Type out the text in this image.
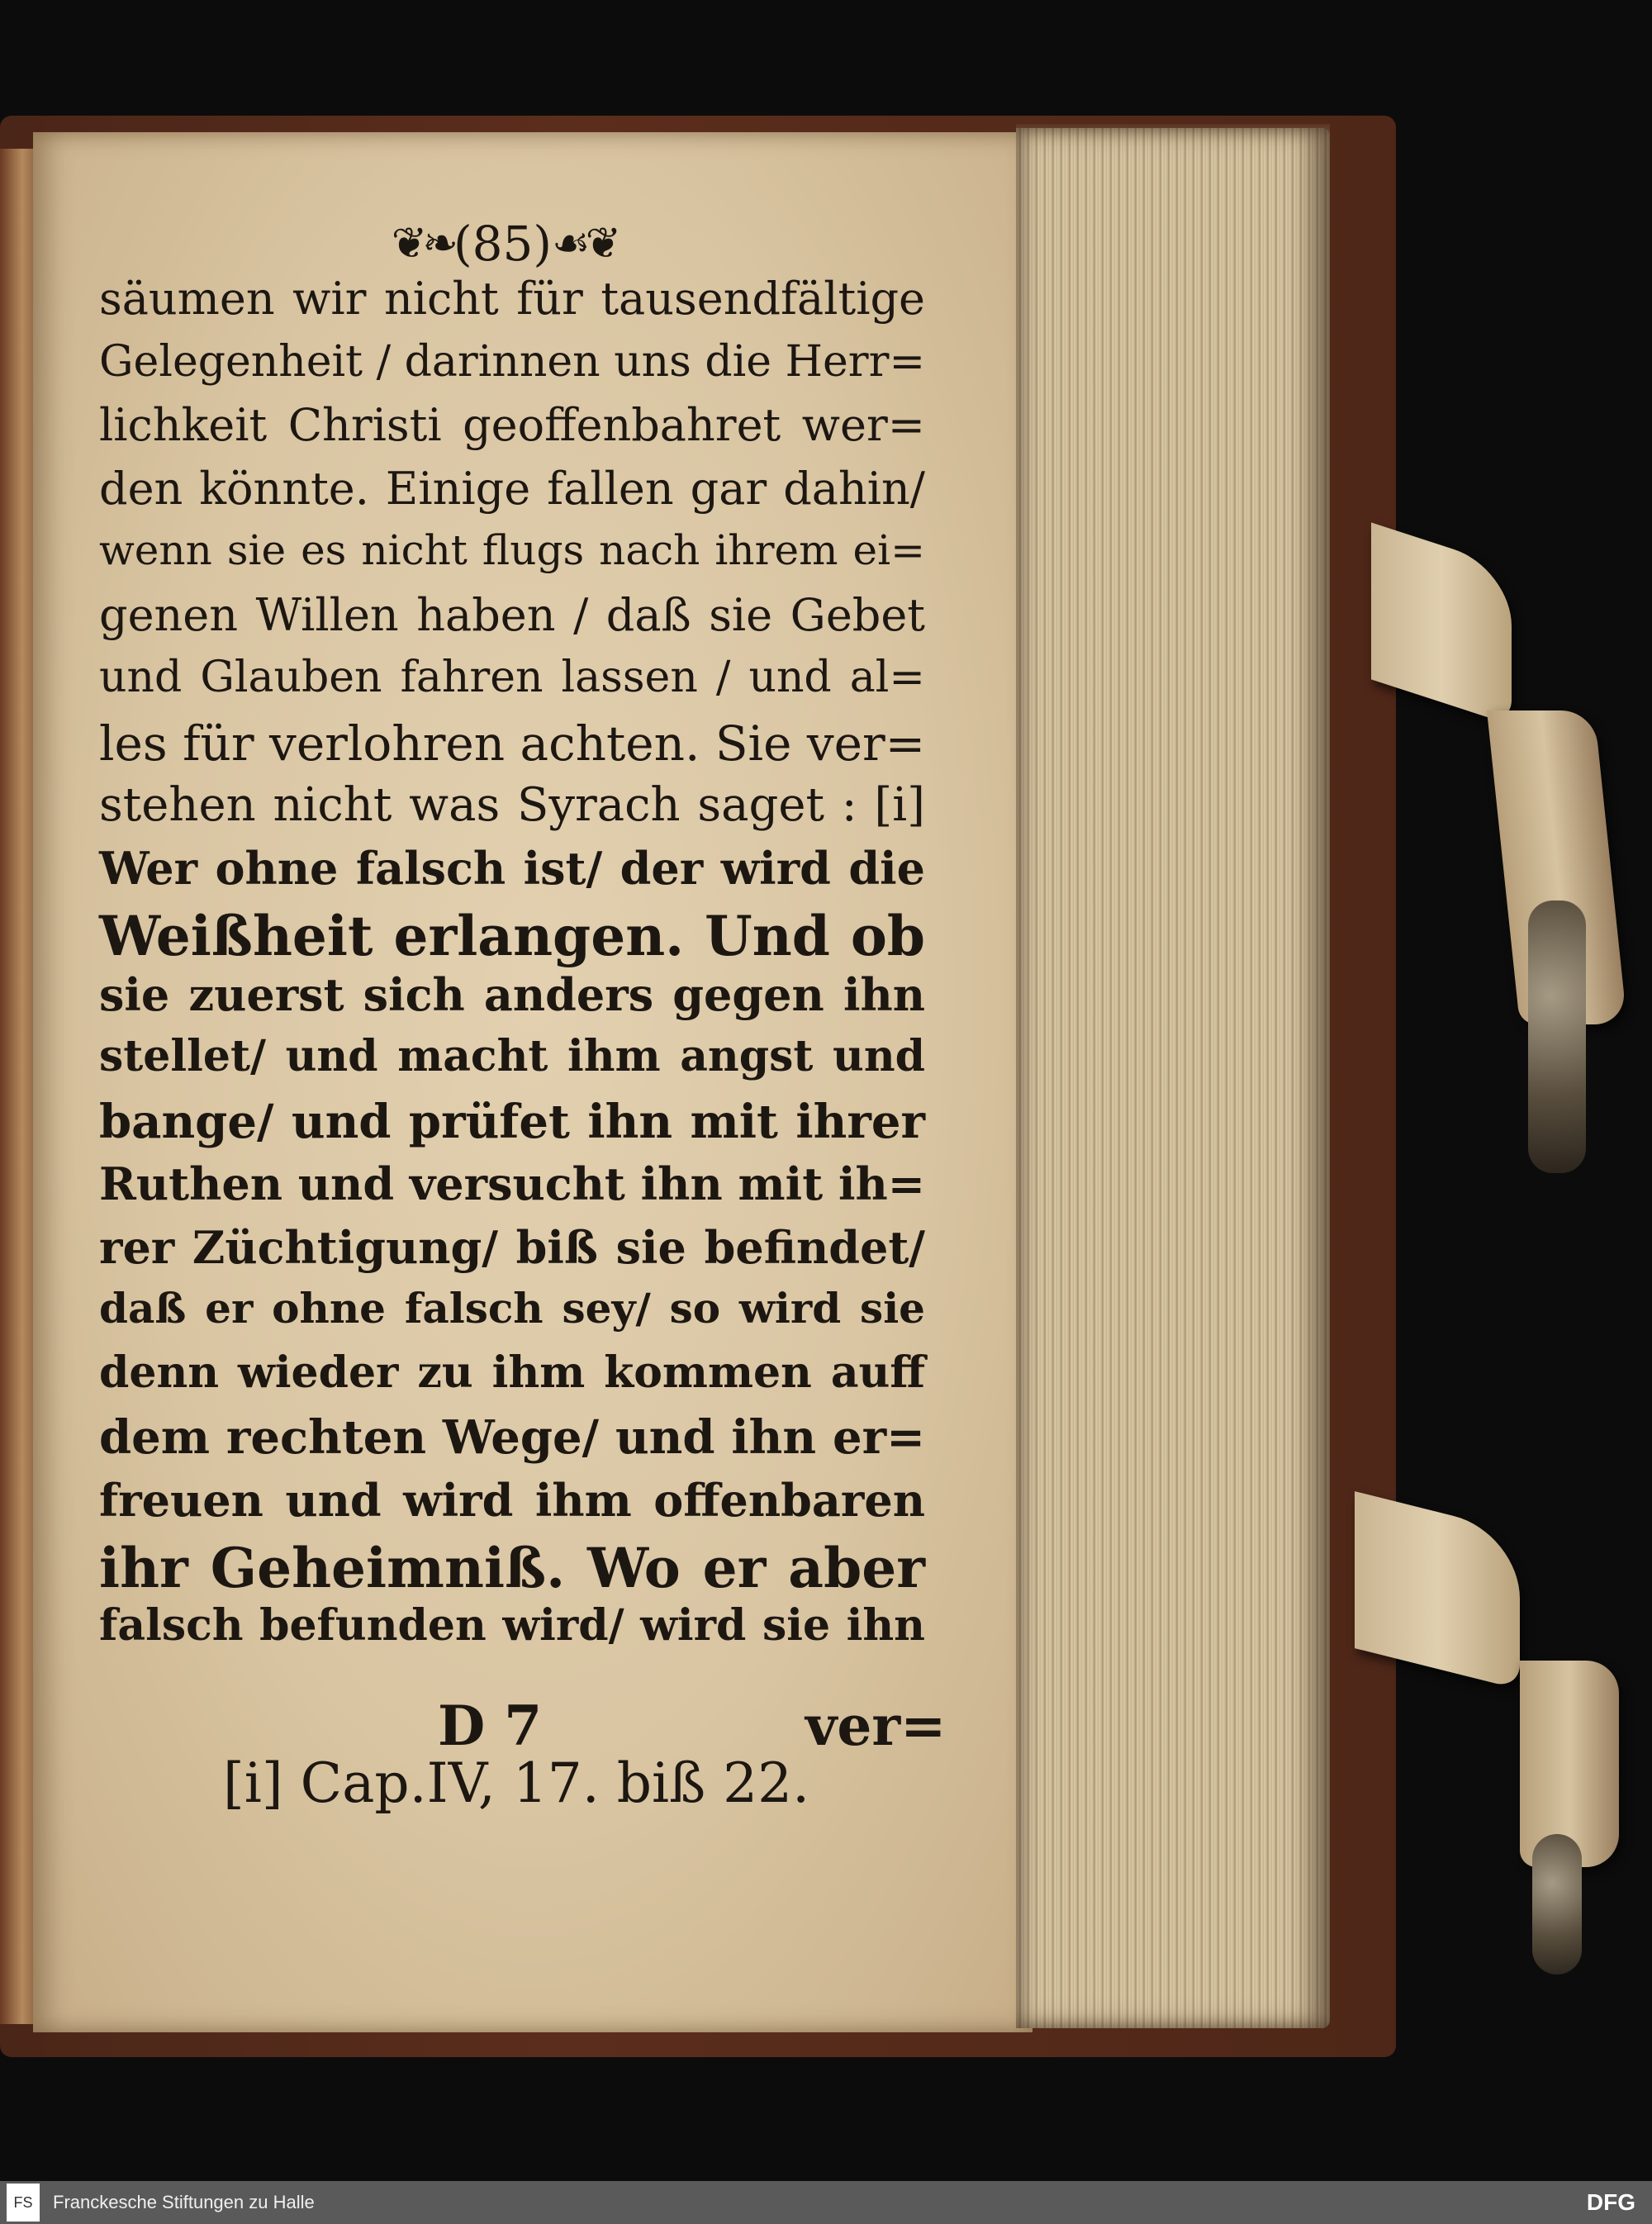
❦❧ (85) ☙❦
säumen wir nicht für tausendfältige
Gelegenheit / darinnen uns die Herr=
lichkeit Christi geoffenbahret wer=
den könnte. Einige fallen gar dahin/
wenn sie es nicht flugs nach ihrem ei=
genen Willen haben / daß sie Gebet
und Glauben fahren lassen / und al=
les für verlohren achten. Sie ver=
stehen nicht was Syrach saget : [i]
Wer ohne falsch ist/ der wird die
Weißheit erlangen. Und ob
sie zuerst sich anders gegen ihn
stellet/ und macht ihm angst und
bange/ und prüfet ihn mit ihrer
Ruthen und versucht ihn mit ih=
rer Züchtigung/ biß sie befindet/
daß er ohne falsch sey/ so wird sie
denn wieder zu ihm kommen auff
dem rechten Wege/ und ihn er=
freuen und wird ihm offenbaren
ihr Geheimniß. Wo er aber
falsch befunden wird/ wird sie ihn
D 7	ver=
[i] Cap.IV, 17. biß 22.
FS	Franckesche Stiftungen zu Halle	DFG
